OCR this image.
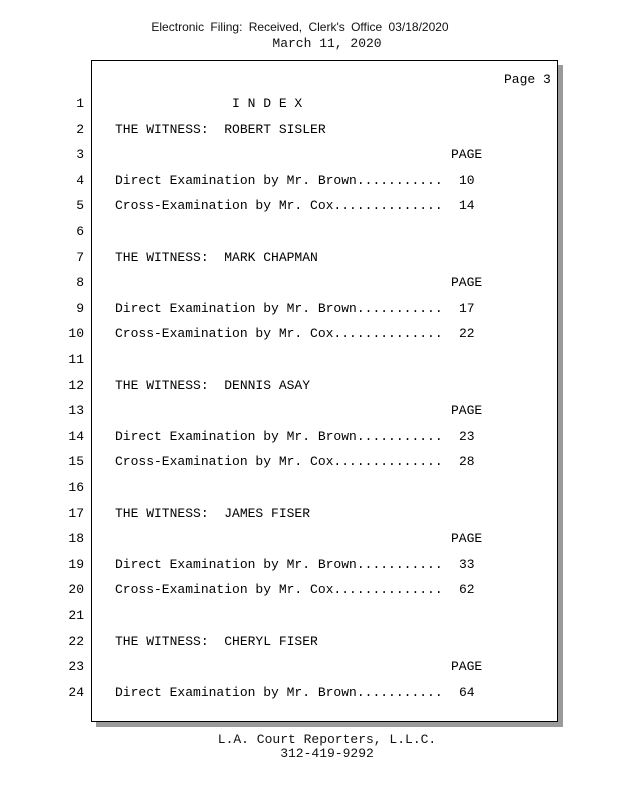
Electronic Filing: Received, Clerk's Office 03/18/2020
March 11, 2020
Page 3
1 I N D E X
2 THE WITNESS:  ROBERT SISLER
3	PAGE
4 Direct Examination by Mr. Brown........... 10
5 Cross-Examination by Mr. Cox.............. 14
6
7 THE WITNESS:  MARK CHAPMAN
8	PAGE
9 Direct Examination by Mr. Brown........... 17
10 Cross-Examination by Mr. Cox.............. 22
11
12 THE WITNESS:  DENNIS ASAY
13	PAGE
14 Direct Examination by Mr. Brown........... 23
15 Cross-Examination by Mr. Cox.............. 28
16
17 THE WITNESS:  JAMES FISER
18	PAGE
19 Direct Examination by Mr. Brown........... 33
20 Cross-Examination by Mr. Cox.............. 62
21
22 THE WITNESS:  CHERYL FISER
23	PAGE
24 Direct Examination by Mr. Brown........... 64
L.A. Court Reporters, L.L.C.
312-419-9292
